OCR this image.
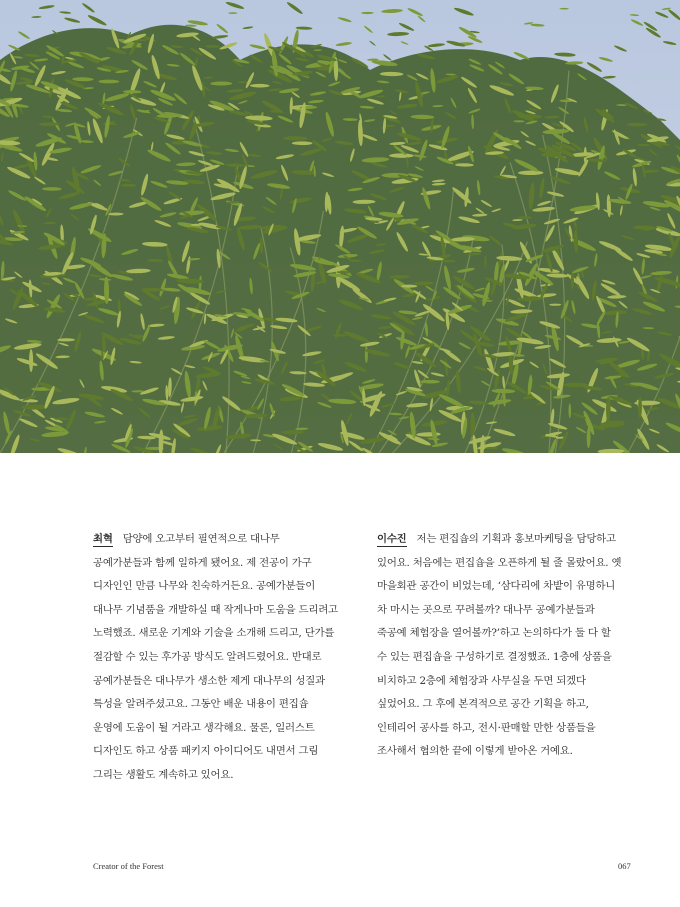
최혁 담양에 오고부터 필연적으로 대나무
공예가분들과 함께 일하게 됐어요. 제 전공이 가구
디자인인 만큼 나무와 친숙하거든요. 공예가분들이
대나무 기념품을 개발하실 때 작게나마 도움을 드리려고
노력했죠. 새로운 기계와 기술을 소개해 드리고, 단가를
절감할 수 있는 후가공 방식도 알려드렸어요. 반대로
공예가분들은 대나무가 생소한 제게 대나무의 성질과
특성을 알려주셨고요. 그동안 배운 내용이 편집숍
운영에 도움이 될 거라고 생각해요. 물론, 일러스트
디자인도 하고 상품 패키지 아이디어도 내면서 그림
그리는 생활도 계속하고 있어요.
이수진 저는 편집숍의 기획과 홍보마케팅을 담당하고
있어요. 처음에는 편집숍을 오픈하게 될 줄 몰랐어요. 옛
마을회관 공간이 비었는데, ‘삼다리에 차밭이 유명하니
차 마시는 곳으로 꾸려볼까? 대나무 공예가분들과
죽공예 체험장을 열어볼까?’하고 논의하다가 둘 다 할
수 있는 편집숍을 구성하기로 결정했죠. 1층에 상품을
비치하고 2층에 체험장과 사무실을 두면 되겠다
싶었어요. 그 후에 본격적으로 공간 기획을 하고,
인테리어 공사를 하고, 전시·판매할 만한 상품들을
조사해서 협의한 끝에 이렇게 받아온 거예요.
Creator of the Forest	067
